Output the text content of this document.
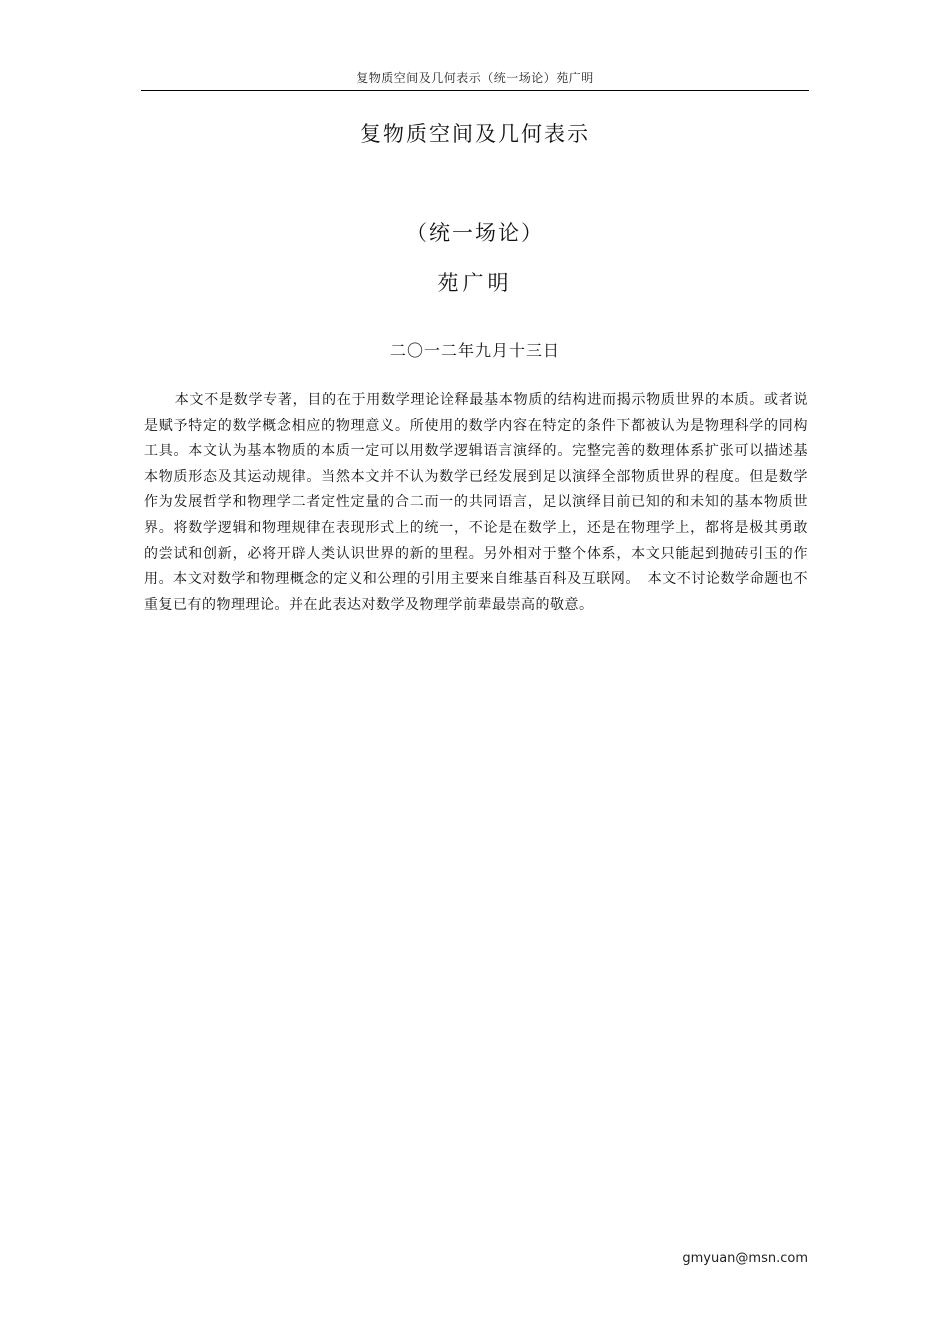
复物质空间及几何表示（统一场论）苑广明
复物质空间及几何表示
（统一场论）
苑广明
二〇一二年九月十三日

本文不是数学专著，目的在于用数学理论诠释最基本物质的结构进而揭示物质世界的本质。或者说是赋予特定的数学概念相应的物理意义。所使用的数学内容在特定的条件下都被认为是物理科学的同构工具。本文认为基本物质的本质一定可以用数学逻辑语言演绎的。完整完善的数理体系扩张可以描述基本物质形态及其运动规律。当然本文并不认为数学已经发展到足以演绎全部物质世界的程度。但是数学作为发展哲学和物理学二者定性定量的合二而一的共同语言，足以演绎目前已知的和未知的基本物质世界。将数学逻辑和物理规律在表现形式上的统一，不论是在数学上，还是在物理学上，都将是极其勇敢的尝试和创新，必将开辟人类认识世界的新的里程。另外相对于整个体系，本文只能起到抛砖引玉的作用。本文对数学和物理概念的定义和公理的引用主要来自维基百科及互联网。　本文不讨论数学命题也不重复已有的物理理论。并在此表达对数学及物理学前辈最崇高的敬意。

gmyuan@msn.com
